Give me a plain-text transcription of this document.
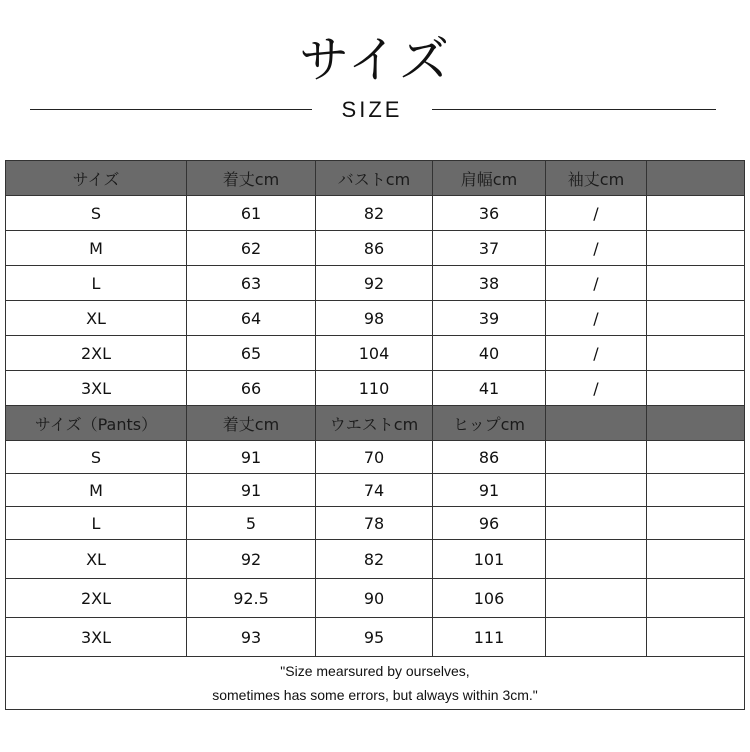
サイズ
SIZE
サイズ	着丈cm	バストcm	肩幅cm	袖丈cm	
S	61	82	36	/	
M	62	86	37	/	
L	63	92	38	/	
XL	64	98	39	/	
2XL	65	104	40	/	
3XL	66	110	41	/	
サイズ（Pants）	着丈cm	ウエストcm	ヒップcm		
S	91	70	86		
M	91	74	91		
L	5	78	96		
XL	92	82	101		
2XL	92.5	90	106		
3XL	93	95	111		

"Size mearsured by ourselves,
sometimes has some errors, but always within 3cm."					
